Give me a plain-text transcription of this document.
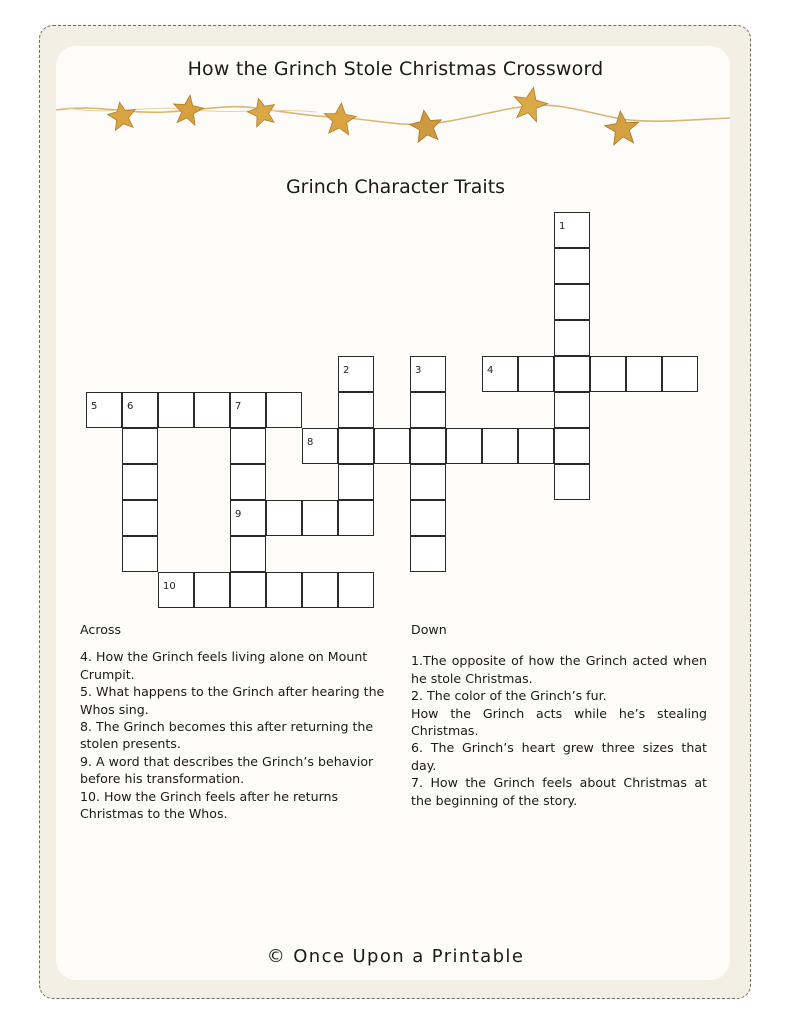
How the Grinch Stole Christmas Crossword
Grinch Character Traits
1
4
2	3
5	6	7
8
9
10
Across

4. How the Grinch feels living alone on Mount Crumpit.

5. What happens to the Grinch after hearing the Whos sing.

8. The Grinch becomes this after returning the stolen presents.

9. A word that describes the Grinch’s behavior before his transformation.

10. How the Grinch feels after he returns Christmas to the Whos.

Down

1.The opposite of how the Grinch acted when he stole Christmas.

2. The color of the Grinch’s fur.

How the Grinch acts while he’s stealing Christmas.

6. The Grinch’s heart grew three sizes that day.

7. How the Grinch feels about Christmas at the beginning of the story.

© Once Upon a Printable
